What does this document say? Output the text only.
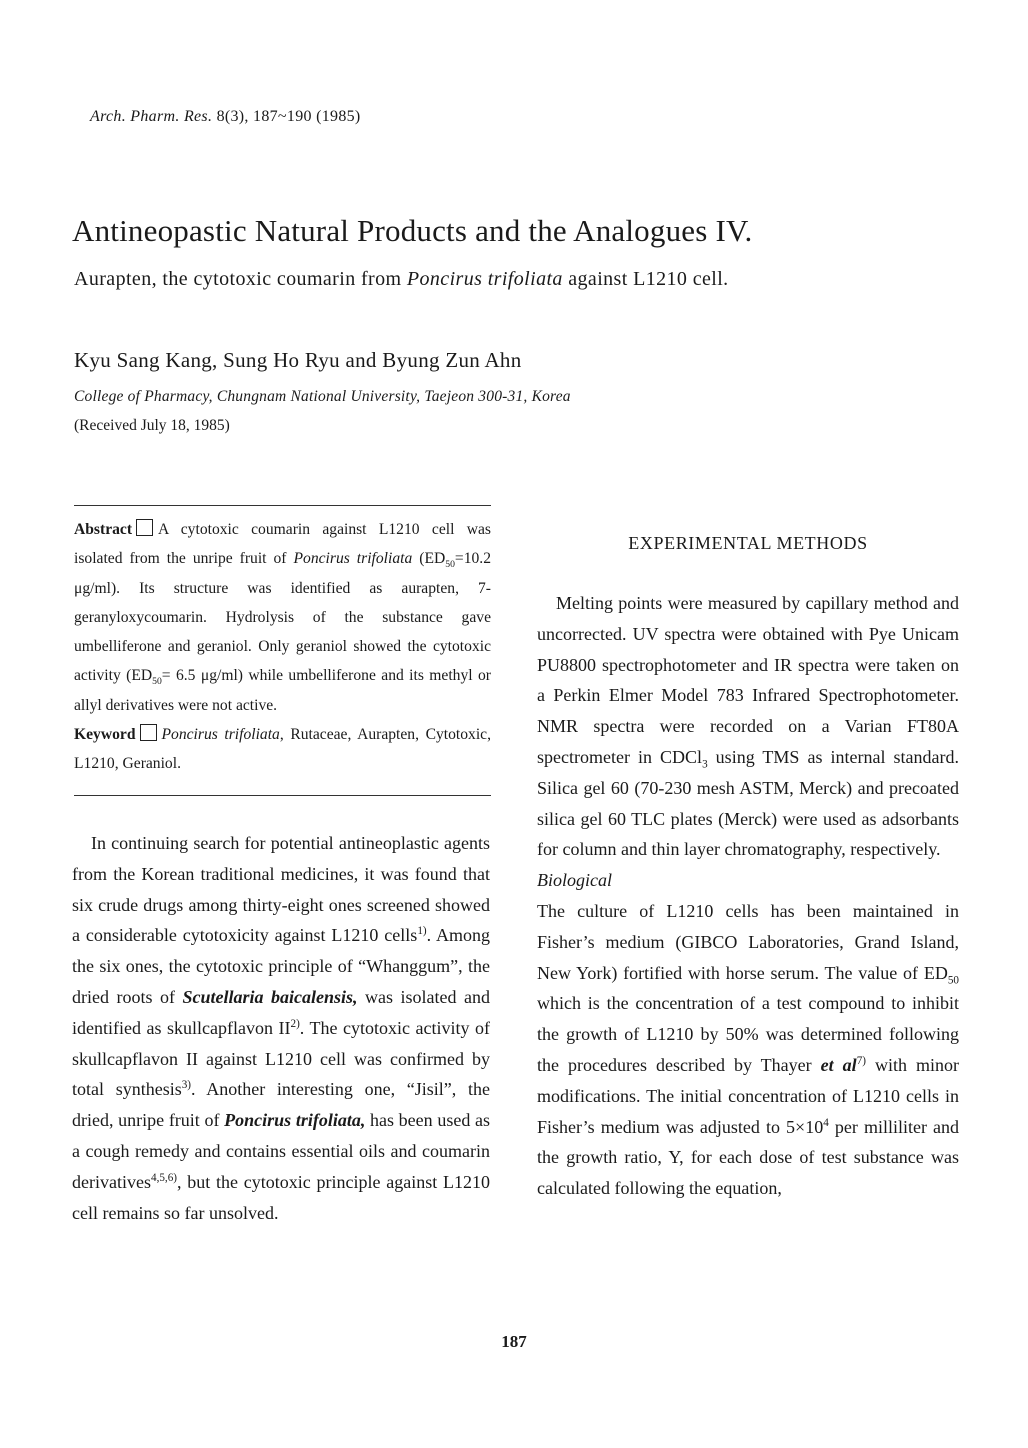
Arch. Pharm. Res. 8(3), 187~190 (1985)
Antineopastic Natural Products and the Analogues IV.
Aurapten, the cytotoxic coumarin from Poncirus trifoliata against L1210 cell.
Kyu Sang Kang, Sung Ho Ryu and Byung Zun Ahn
College of Pharmacy, Chungnam National University, Taejeon 300-31, Korea
(Received July 18, 1985)

Abstract A cytotoxic coumarin against L1210 cell was isolated from the unripe fruit of Poncirus trifoliata ($ED_{50}=10.2$ μg/ml). Its structure was identified as aurapten, 7-geranyloxycoumarin. Hydrolysis of the substance gave umbelliferone and geraniol. Only geraniol showed the cytotoxic activity ($ED_{50}= 6.5$ μg/ml) while umbelliferone and its methyl or allyl derivatives were not active.

Keyword Poncirus trifoliata, Rutaceae, Aurapten, Cytotoxic, L1210, Geraniol.

In continuing search for potential antineoplastic agents from the Korean traditional medicines, it was found that six crude drugs among thirty-eight ones screened showed a considerable cytotoxicity against L1210 cells$^{1)}$. Among the six ones, the cytotoxic principle of “Whanggum”, the dried roots of Scutellaria baicalensis, was isolated and identified as skullcapflavon II$^{2)}$. The cytotoxic activity of skullcapflavon II against L1210 cell was confirmed by total synthesis$^{3)}$. Another interesting one, “Jisil”, the dried, unripe fruit of Poncirus trifoliata, has been used as a cough remedy and contains essential oils and coumarin derivatives$^{4,5,6)}$, but the cytotoxic principle against L1210 cell remains so far unsolved.

EXPERIMENTAL METHODS

Melting points were measured by capillary method and uncorrected. UV spectra were obtained with Pye Unicam PU8800 spectrophotometer and IR spectra were taken on a Perkin Elmer Model 783 Infrared Spectrophotometer. NMR spectra were recorded on a Varian FT80A spectrometer in CDCl$_3$ using TMS as internal standard. Silica gel 60 (70-230 mesh ASTM, Merck) and precoated silica gel 60 TLC plates (Merck) were used as adsorbants for column and thin layer chromatography, respectively.

Biological

The culture of L1210 cells has been maintained in Fisher’s medium (GIBCO Laboratories, Grand Island, New York) fortified with horse serum. The value of $ED_{50}$ which is the concentration of a test compound to inhibit the growth of L1210 by 50% was determined following the procedures described by Thayer et $al^{7)}$ with minor modifications. The initial concentration of L1210 cells in Fisher’s medium was adjusted to $5\times 10^4$ per milliliter and the growth ratio, Y, for each dose of test substance was calculated following the equation,

187
